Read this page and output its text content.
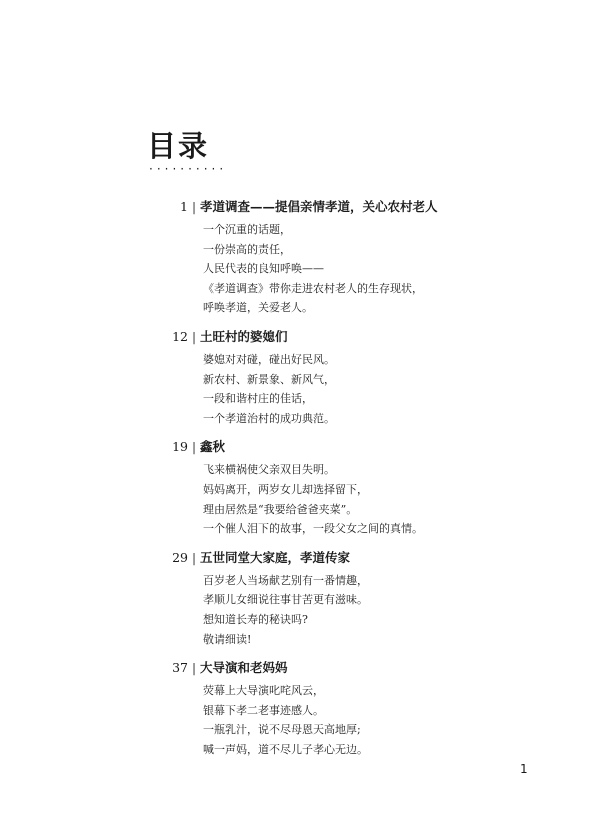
目录
··········
1 | 孝道调查——提倡亲情孝道，关心农村老人
一个沉重的话题，
一份崇高的责任，
人民代表的良知呼唤——
《孝道调查》带你走进农村老人的生存现状，
呼唤孝道，关爱老人。
12 | 土旺村的婆媳们
婆媳对对碰，碰出好民风。
新农村、新景象、新风气，
一段和谐村庄的佳话，
一个孝道治村的成功典范。
19 | 鑫秋
飞来横祸使父亲双目失明。
妈妈离开，两岁女儿却选择留下，
理由居然是“我要给爸爸夹菜”。
一个催人泪下的故事，一段父女之间的真情。
29 | 五世同堂大家庭，孝道传家
百岁老人当场献艺别有一番情趣，
孝顺儿女细说往事甘苦更有滋味。
想知道长寿的秘诀吗?
敬请细读!
37 | 大导演和老妈妈
荧幕上大导演叱咤风云，
银幕下孝二老事迹感人。
一瓶乳汁，说不尽母恩天高地厚;
喊一声妈，道不尽儿子孝心无边。
1
